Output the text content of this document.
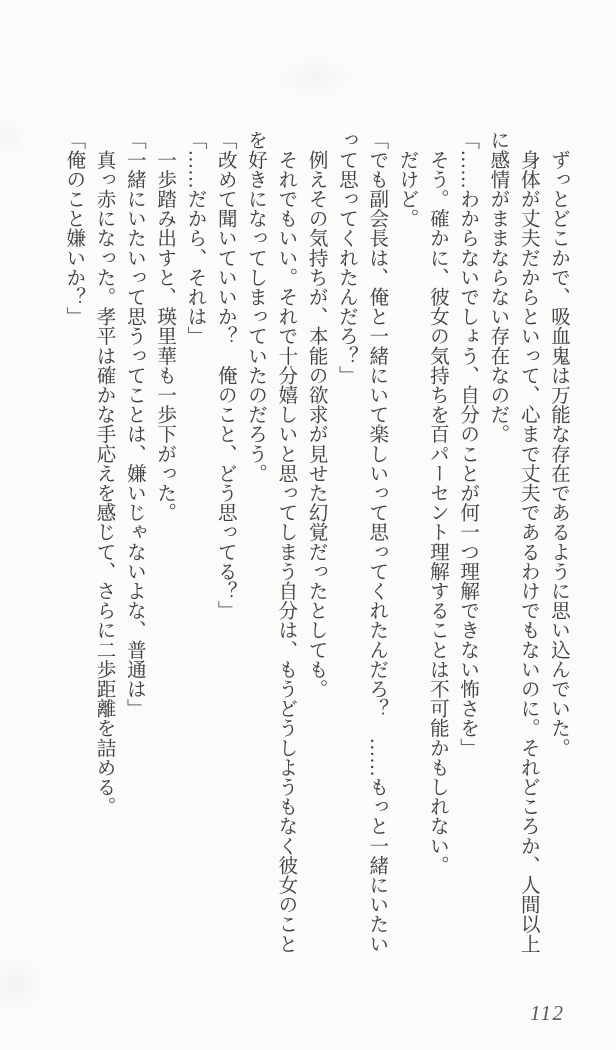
　ずっとどこかで、吸血鬼は万能な存在であるように思い込んでいた。
　身体が丈夫だからといって、心まで丈夫であるわけでもないのに。それどころか、人間以上
に感情がままならない存在なのだ。
「……わからないでしょう、自分のことが何一つ理解できない怖さを」
　そう。確かに、彼女の気持ちを百パーセント理解することは不可能かもしれない。
　だけど。
「でも副会長は、俺と一緒にいて楽しいって思ってくれたんだろ？　……もっと一緒にいたい
って思ってくれたんだろ？」
　例えその気持ちが、本能の欲求が見せた幻覚だったとしても。
　それでもいい。それで十分嬉しいと思ってしまう自分は、もうどうしようもなく彼女のこと
を好きになってしまっていたのだろう。
「改めて聞いていいか？　俺のこと、どう思ってる？」
「……だから、それは」
　一歩踏み出すと、瑛里華も一歩下がった。
「一緒にいたいって思うってことは、嫌いじゃないよな、普通は」
　真っ赤になった。孝平は確かな手応えを感じて、さらに二歩距離を詰める。
「俺のこと嫌いか？」
112
